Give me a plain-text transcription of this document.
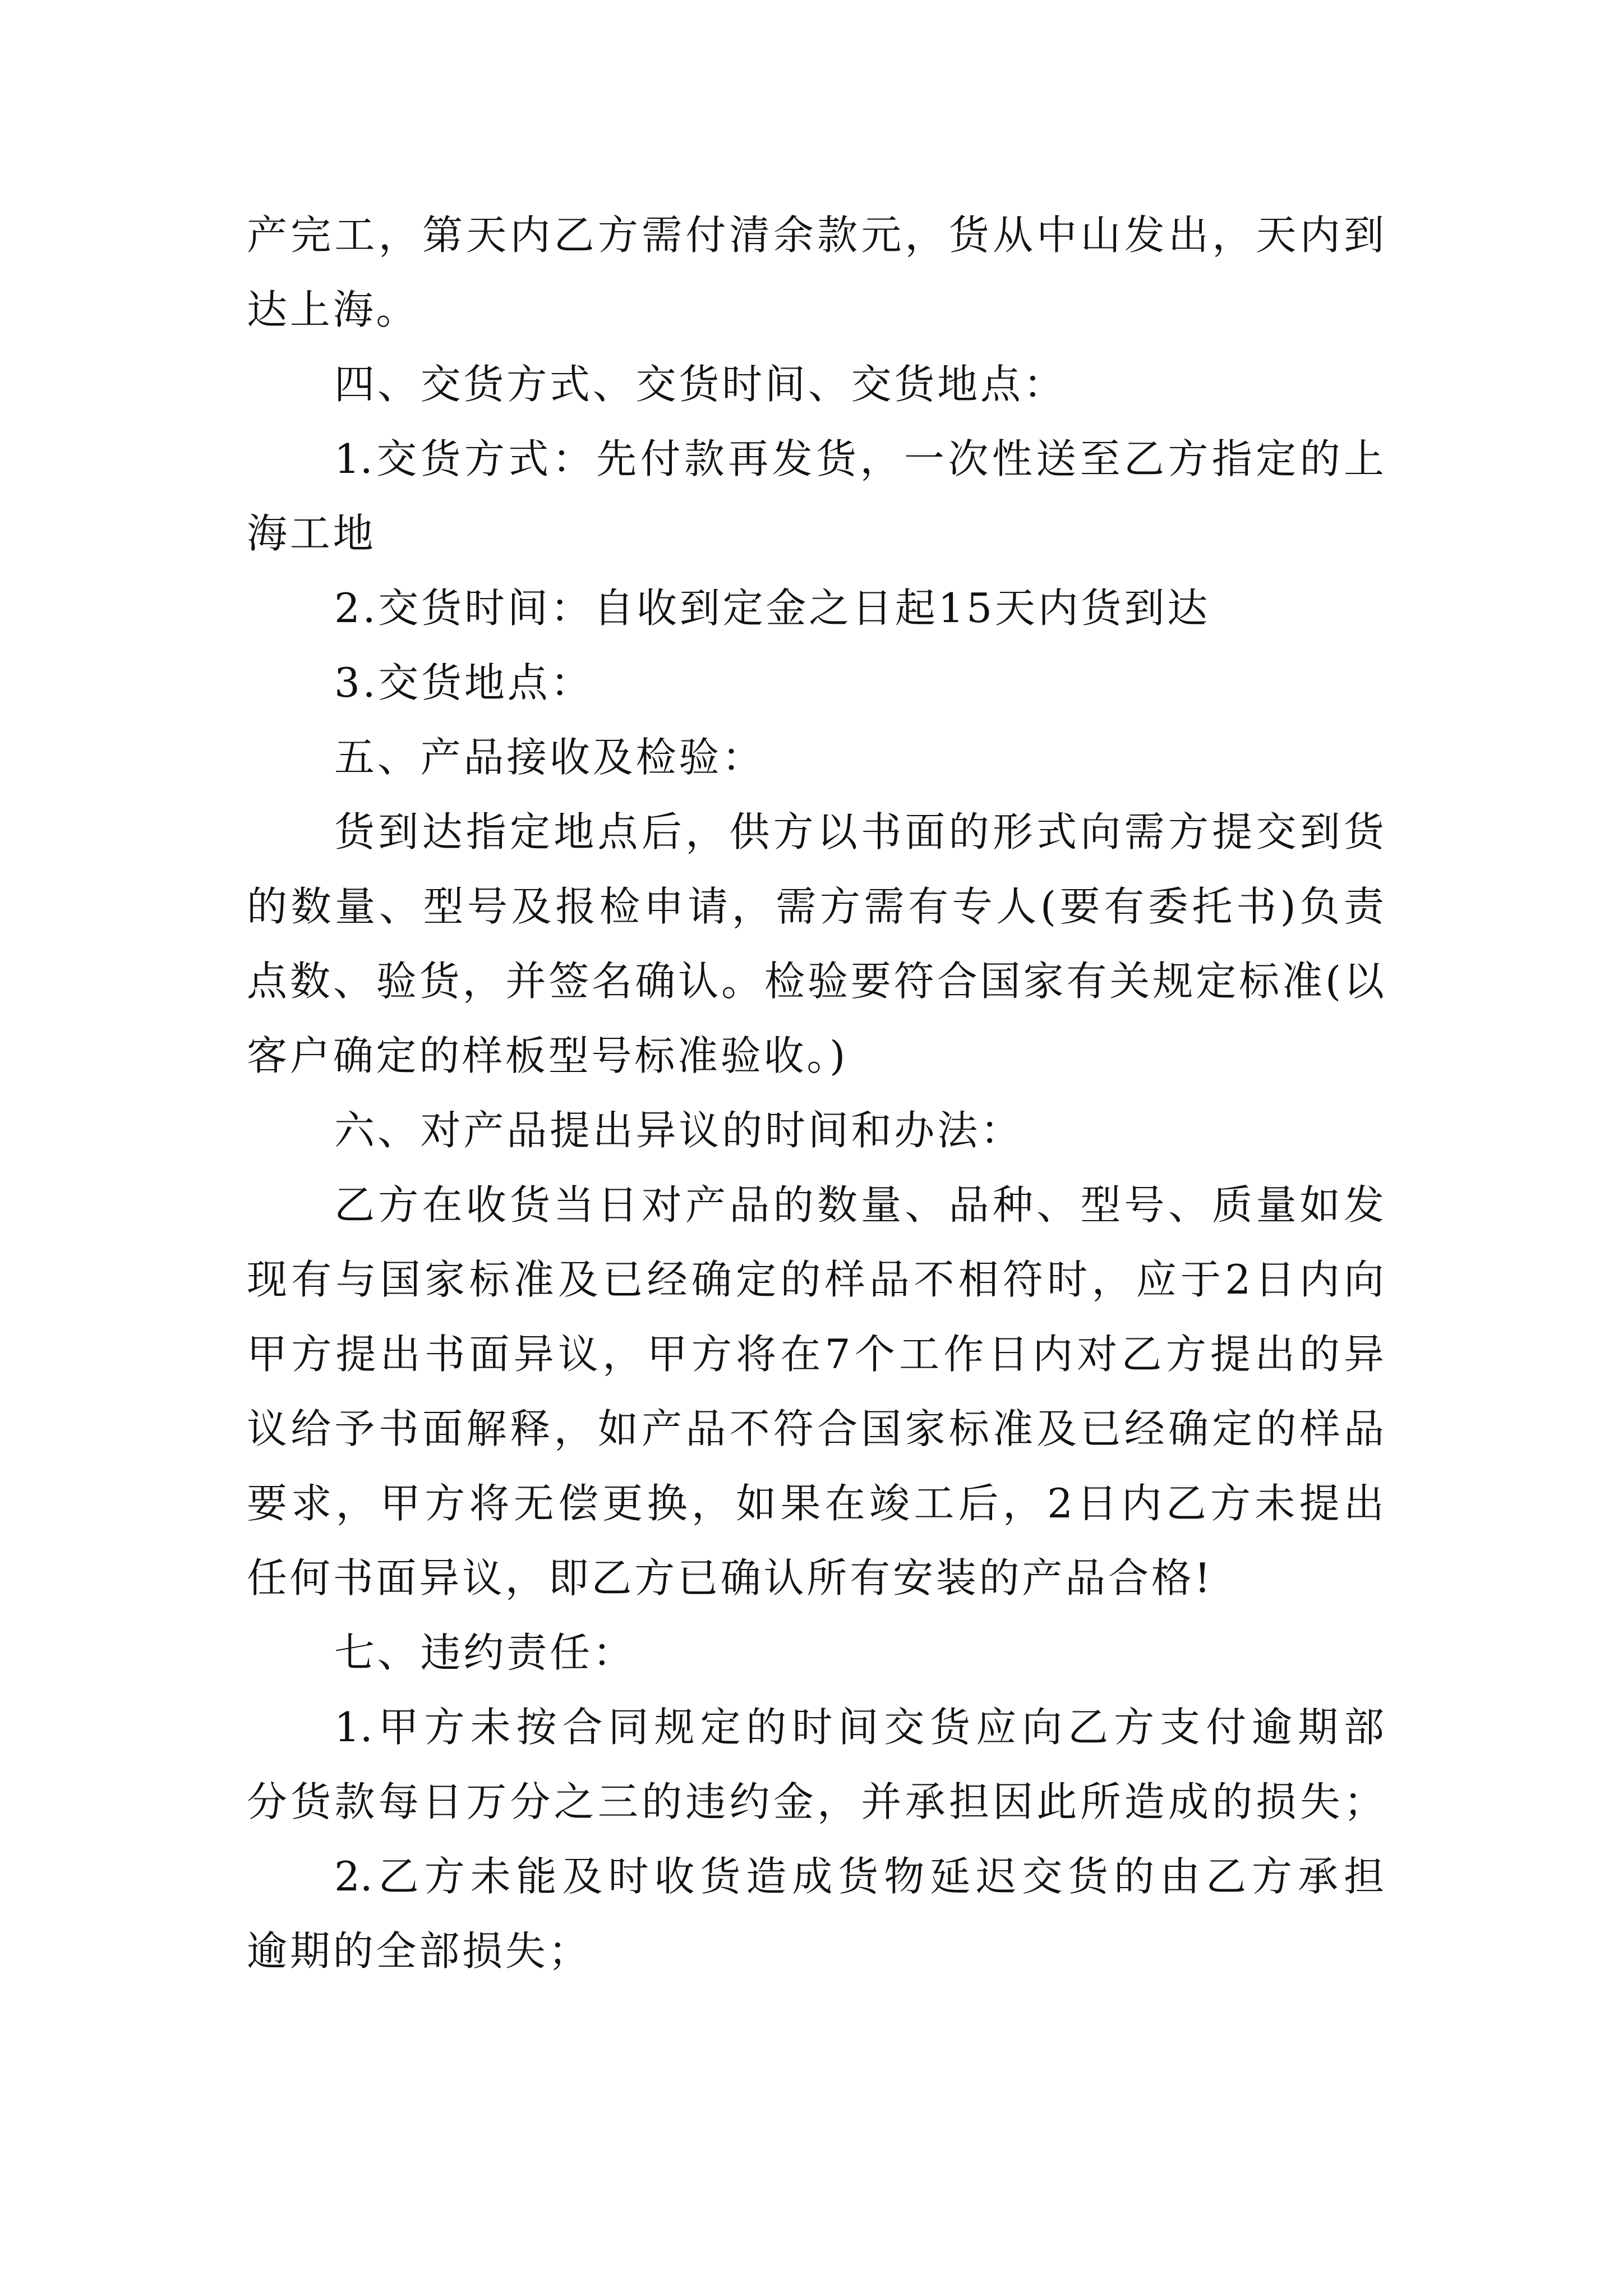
产完工，第天内乙方需付清余款元，货从中山发出，天内到
达上海。
四、交货方式、交货时间、交货地点：
1.交货方式：先付款再发货，一次性送至乙方指定的上
海工地
2.交货时间：自收到定金之日起15天内货到达
3.交货地点：
五、产品接收及检验：
货到达指定地点后，供方以书面的形式向需方提交到货
的数量、型号及报检申请，需方需有专人(要有委托书)负责
点数、验货，并签名确认。检验要符合国家有关规定标准(以
客户确定的样板型号标准验收。)
六、对产品提出异议的时间和办法：
乙方在收货当日对产品的数量、品种、型号、质量如发
现有与国家标准及已经确定的样品不相符时，应于2日内向
甲方提出书面异议，甲方将在7个工作日内对乙方提出的异
议给予书面解释，如产品不符合国家标准及已经确定的样品
要求，甲方将无偿更换，如果在竣工后，2日内乙方未提出
任何书面异议，即乙方已确认所有安装的产品合格!
七、违约责任：
1.甲方未按合同规定的时间交货应向乙方支付逾期部
分货款每日万分之三的违约金，并承担因此所造成的损失；
2.乙方未能及时收货造成货物延迟交货的由乙方承担
逾期的全部损失；
